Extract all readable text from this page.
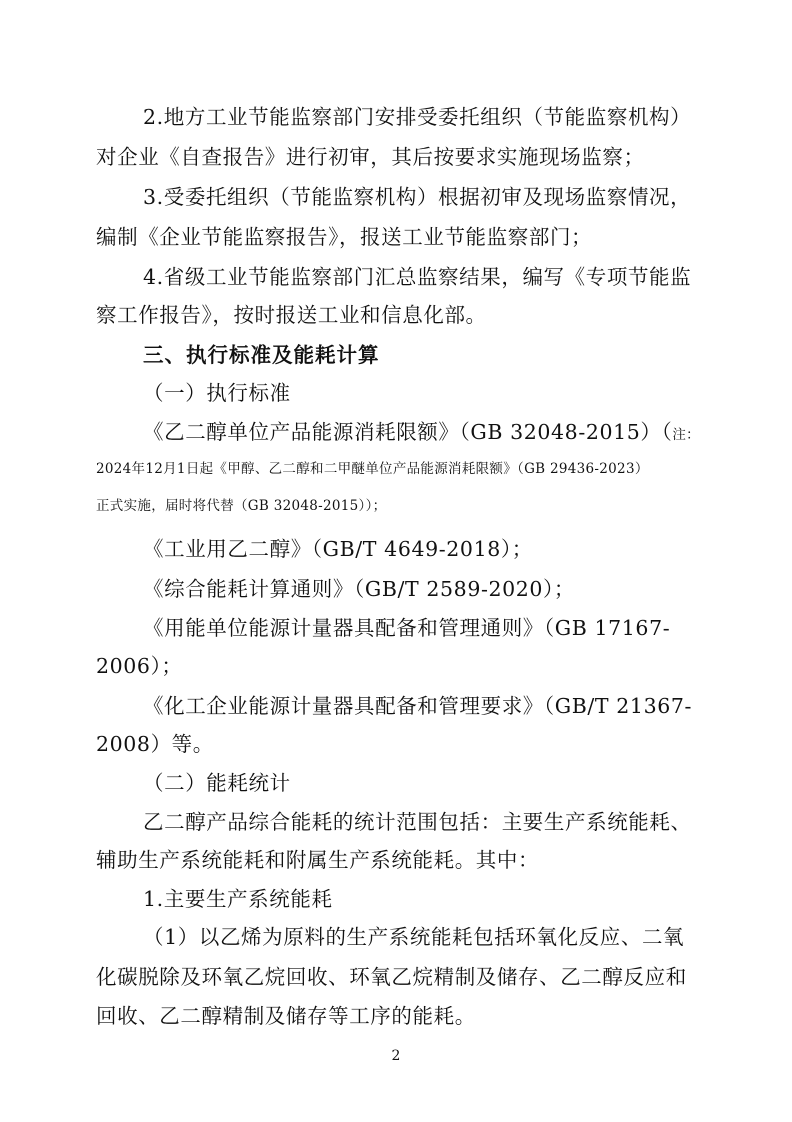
2.地方工业节能监察部门安排受委托组织（节能监察机构）
对企业《自查报告》进行初审，其后按要求实施现场监察；
3.受委托组织（节能监察机构）根据初审及现场监察情况，
编制《企业节能监察报告》，报送工业节能监察部门；
4.省级工业节能监察部门汇总监察结果，编写《专项节能监
察工作报告》，按时报送工业和信息化部。
三、执行标准及能耗计算
（一）执行标准
《乙二醇单位产品能源消耗限额》（GB 32048-2015）（注：
2024年12月1日起《甲醇、乙二醇和二甲醚单位产品能源消耗限额》（GB 29436-2023）
正式实施，届时将代替（GB 32048-2015））；
《工业用乙二醇》（GB/T 4649-2018）；
《综合能耗计算通则》（GB/T 2589-2020）；
《用能单位能源计量器具配备和管理通则》（GB 17167-
2006）；
《化工企业能源计量器具配备和管理要求》（GB/T 21367-
2008）等。
（二）能耗统计
乙二醇产品综合能耗的统计范围包括：主要生产系统能耗、
辅助生产系统能耗和附属生产系统能耗。其中：
1.主要生产系统能耗
（1）以乙烯为原料的生产系统能耗包括环氧化反应、二氧
化碳脱除及环氧乙烷回收、环氧乙烷精制及储存、乙二醇反应和
回收、乙二醇精制及储存等工序的能耗。
2
